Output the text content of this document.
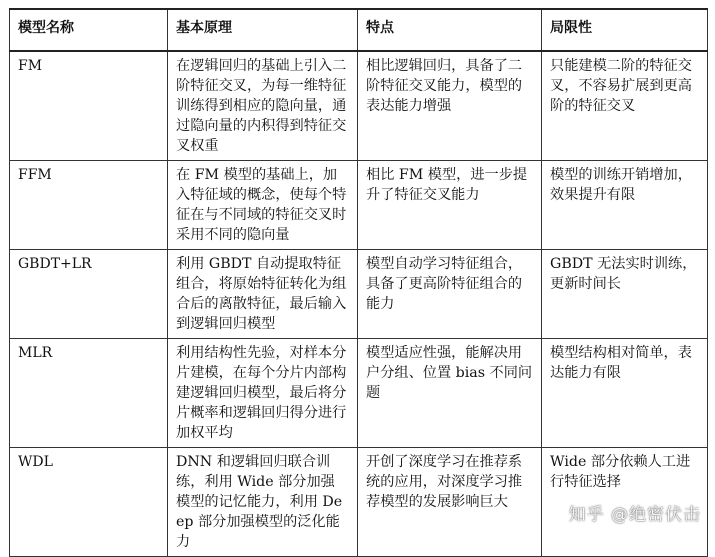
模型名称	基本原理	特点	局限性
FM	在逻辑回归的基础上引入二阶特征交叉，为每一维特征训练得到相应的隐向量，通过隐向量的内积得到特征交叉权重	相比逻辑回归，具备了二阶特征交叉能力，模型的表达能力增强	只能建模二阶的特征交叉，不容易扩展到更高阶的特征交叉
FFM	在 FM 模型的基础上，加入特征域的概念，使每个特征在与不同域的特征交叉时采用不同的隐向量	相比 FM 模型，进一步提升了特征交叉能力	模型的训练开销增加，效果提升有限
GBDT+LR	利用 GBDT 自动提取特征组合，将原始特征转化为组合后的离散特征，最后输入到逻辑回归模型	模型自动学习特征组合，具备了更高阶特征组合的能力	GBDT 无法实时训练，更新时间长
MLR	利用结构性先验，对样本分片建模，在每个分片内部构建逻辑回归模型，最后将分片概率和逻辑回归得分进行加权平均	模型适应性强，能解决用户分组、位置 bias 不同问题	模型结构相对简单，表达能力有限
WDL	DNN 和逻辑回归联合训练，利用 Wide 部分加强模型的记忆能力，利用 Deep 部分加强模型的泛化能力	开创了深度学习在推荐系统的应用，对深度学习推荐模型的发展影响巨大	Wide 部分依赖人工进行特征选择
知乎 @绝密伏击
